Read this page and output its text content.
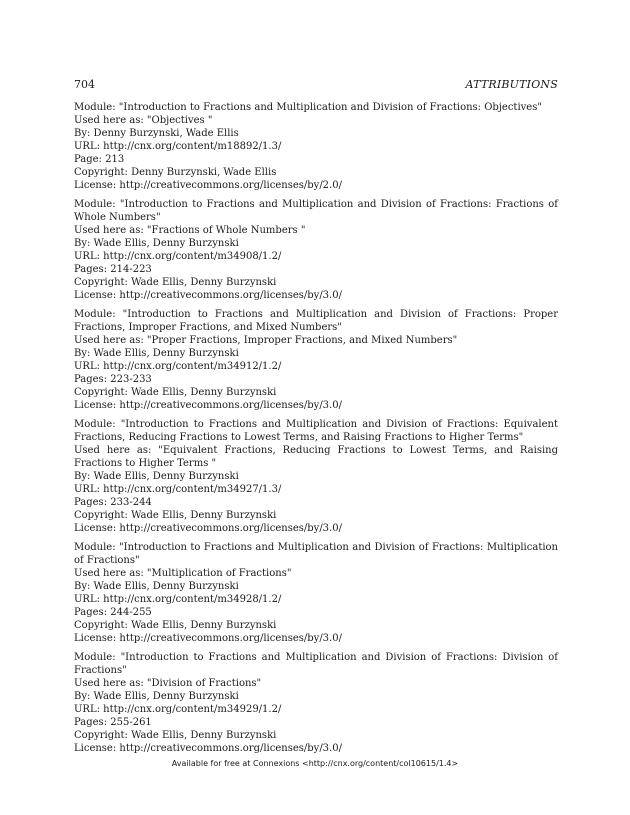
704	ATTRIBUTIONS
Module: "Introduction to Fractions and Multiplication and Division of Fractions: Objectives"
Used here as: "Objectives "
By: Denny Burzynski, Wade Ellis
URL: http://cnx.org/content/m18892/1.3/
Page: 213
Copyright: Denny Burzynski, Wade Ellis
License: http://creativecommons.org/licenses/by/2.0/
Module: "Introduction to Fractions and Multiplication and Division of Fractions: Fractions of Whole Numbers"
Used here as: "Fractions of Whole Numbers "
By: Wade Ellis, Denny Burzynski
URL: http://cnx.org/content/m34908/1.2/
Pages: 214-223
Copyright: Wade Ellis, Denny Burzynski
License: http://creativecommons.org/licenses/by/3.0/
Module: "Introduction to Fractions and Multiplication and Division of Fractions: Proper Fractions, Improper Fractions, and Mixed Numbers"
Used here as: "Proper Fractions, Improper Fractions, and Mixed Numbers"
By: Wade Ellis, Denny Burzynski
URL: http://cnx.org/content/m34912/1.2/
Pages: 223-233
Copyright: Wade Ellis, Denny Burzynski
License: http://creativecommons.org/licenses/by/3.0/
Module: "Introduction to Fractions and Multiplication and Division of Fractions: Equivalent Fractions, Reducing Fractions to Lowest Terms, and Raising Fractions to Higher Terms"
Used here as: "Equivalent Fractions, Reducing Fractions to Lowest Terms, and Raising Fractions to Higher Terms "
By: Wade Ellis, Denny Burzynski
URL: http://cnx.org/content/m34927/1.3/
Pages: 233-244
Copyright: Wade Ellis, Denny Burzynski
License: http://creativecommons.org/licenses/by/3.0/
Module: "Introduction to Fractions and Multiplication and Division of Fractions: Multiplication of Fractions"
Used here as: "Multiplication of Fractions"
By: Wade Ellis, Denny Burzynski
URL: http://cnx.org/content/m34928/1.2/
Pages: 244-255
Copyright: Wade Ellis, Denny Burzynski
License: http://creativecommons.org/licenses/by/3.0/
Module: "Introduction to Fractions and Multiplication and Division of Fractions: Division of Fractions"
Used here as: "Division of Fractions"
By: Wade Ellis, Denny Burzynski
URL: http://cnx.org/content/m34929/1.2/
Pages: 255-261
Copyright: Wade Ellis, Denny Burzynski
License: http://creativecommons.org/licenses/by/3.0/
Available for free at Connexions <http://cnx.org/content/col10615/1.4>
